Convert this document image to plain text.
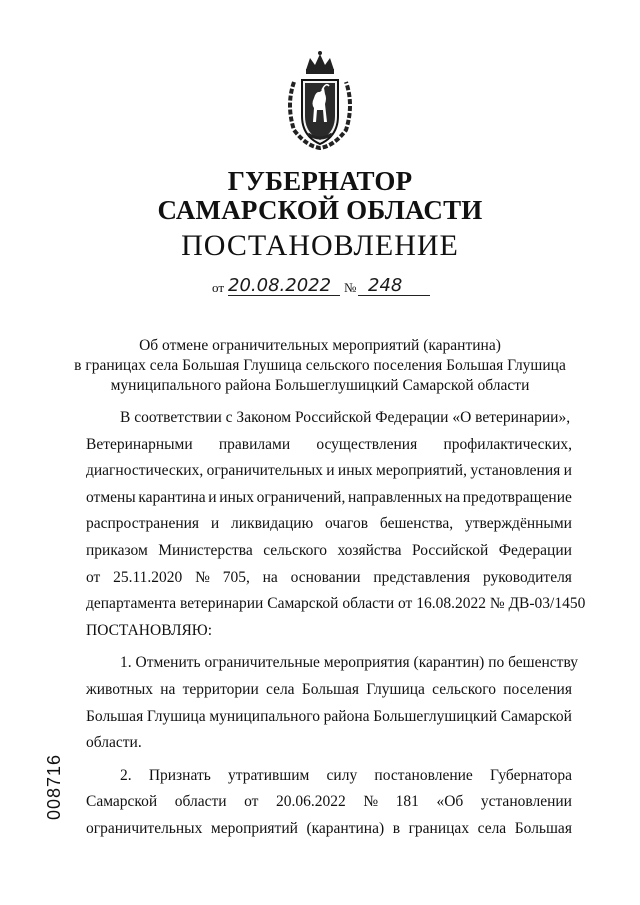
ГУБЕРНАТОР
САМАРСКОЙ ОБЛАСТИ
ПОСТАНОВЛЕНИЕ
от 20.08.2022 № 248
Об отмене ограничительных мероприятий (карантина)
в границах села Большая Глушица сельского поселения Большая Глушица
муниципального района Большеглушицкий Самарской области
В соответствии с Законом Российской Федерации «О ветеринарии»,
Ветеринарными правилами осуществления профилактических,
диагностических, ограничительных и иных мероприятий, установления и
отмены карантина и иных ограничений, направленных на предотвращение
распространения и ликвидацию очагов бешенства, утверждёнными
приказом Министерства сельского хозяйства Российской Федерации
от 25.11.2020 № 705, на основании представления руководителя
департамента ветеринарии Самарской области от 16.08.2022 № ДВ-03/1450
ПОСТАНОВЛЯЮ:
1. Отменить ограничительные мероприятия (карантин) по бешенству
животных на территории села Большая Глушица сельского поселения
Большая Глушица муниципального района Большеглушицкий Самарской
области.
2. Признать утратившим силу постановление Губернатора
Самарской области от 20.06.2022 № 181 «Об установлении
ограничительных мероприятий (карантина) в границах села Большая
008716
